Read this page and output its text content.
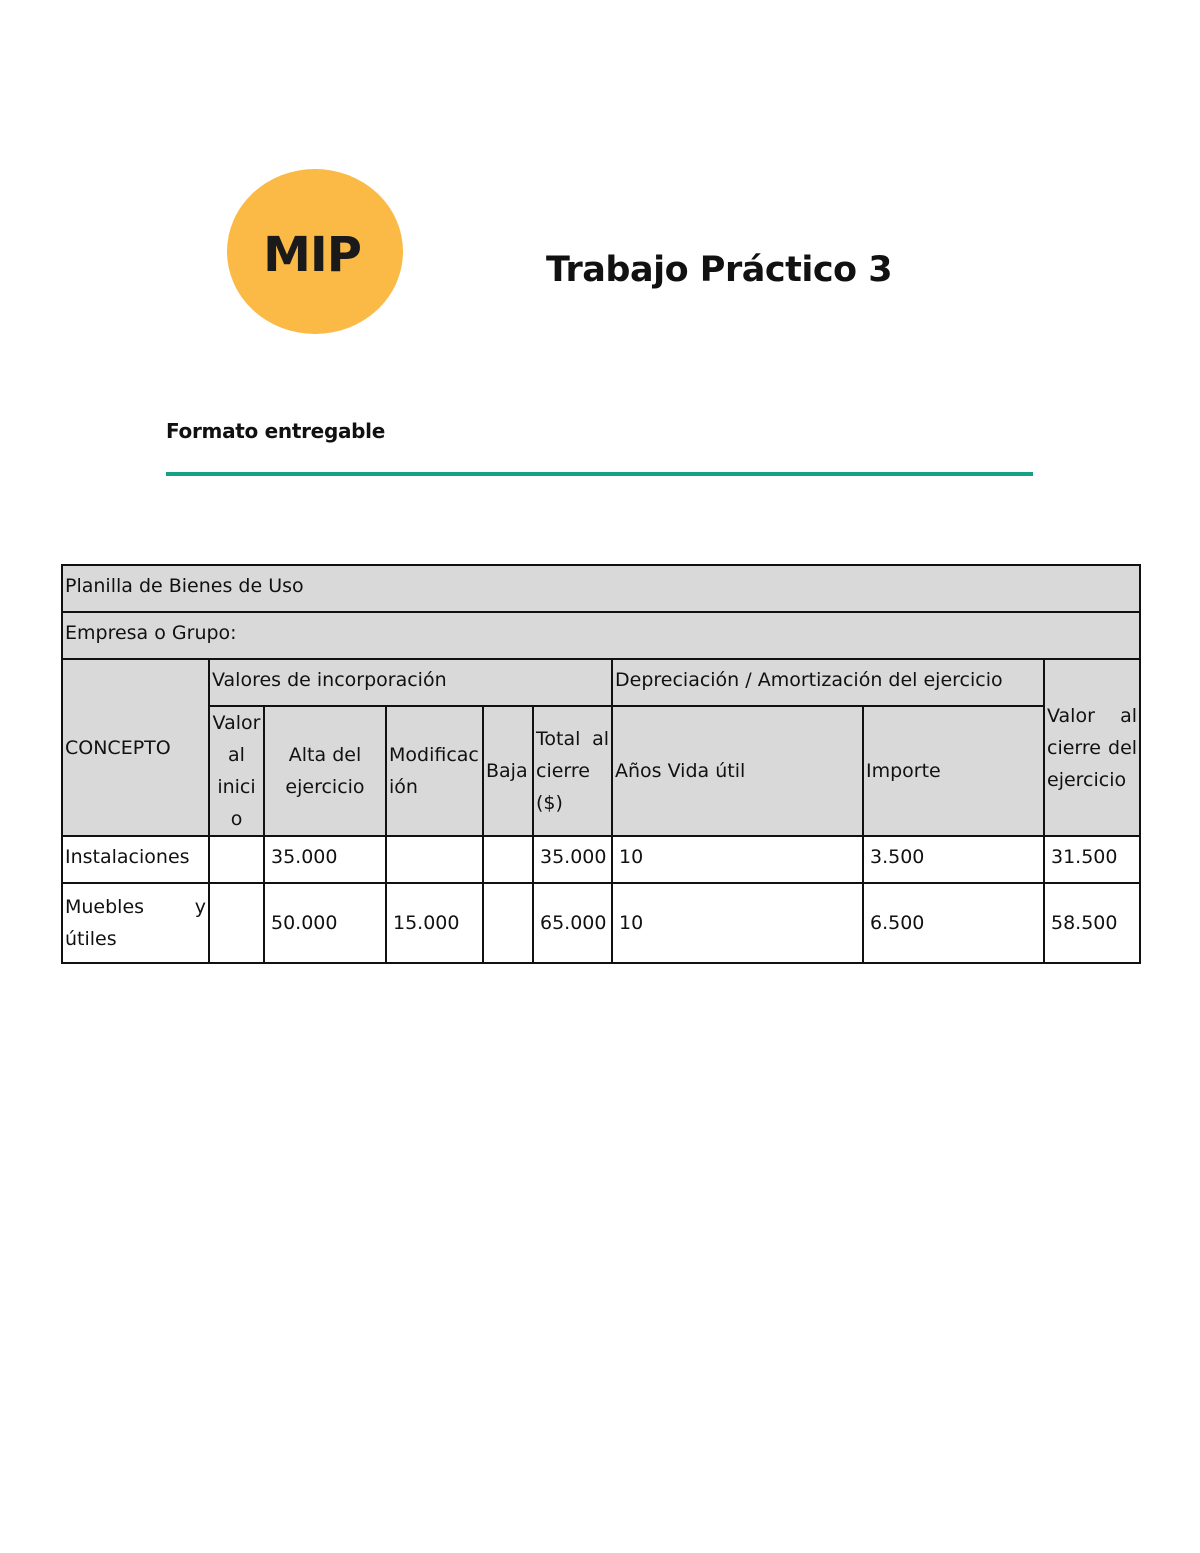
MIP	Trabajo Práctico 3
Formato entregable
Planilla de Bienes de Uso								
Empresa o Grupo:								
CONCEPTO	Valores de incorporación					Depreciación / Amortización del ejercicio		Valor al cierre del ejercicio
	Valor al inicio	Alta del ejercicio	Modificación	Baja	Total al cierre ($)	Años Vida útil	Importe	
Instalaciones		35.000			35.000	10	3.500	31.500
Muebles y útiles		50.000	15.000		65.000	10	6.500	58.500
